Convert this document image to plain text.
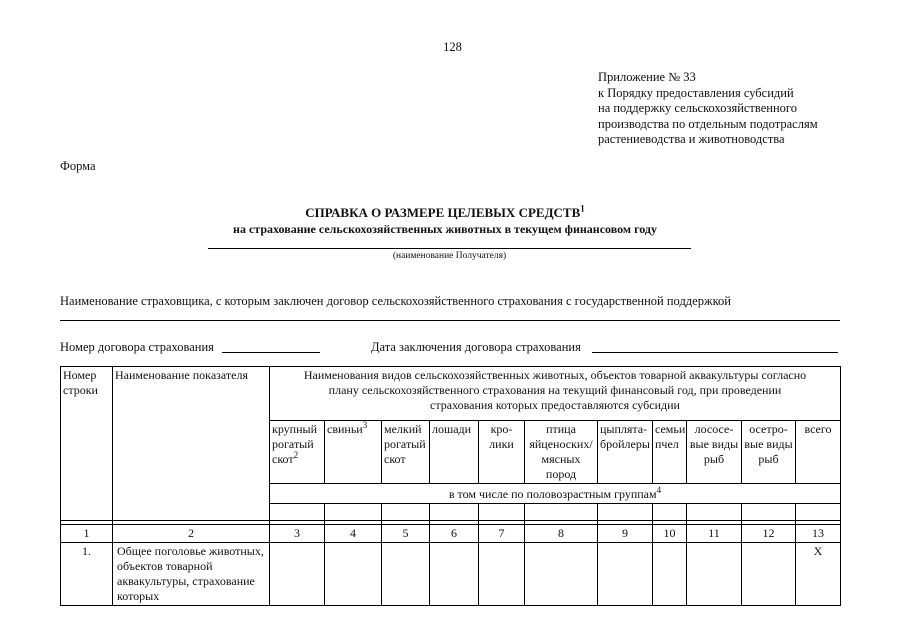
128
Приложение № 33
к Порядку предоставления субсидий
на поддержку сельскохозяйственного
производства по отдельным подотраслям
растениеводства и животноводства
Форма
СПРАВКА О РАЗМЕРЕ ЦЕЛЕВЫХ СРЕДСТВ$^1$
на страхование сельскохозяйственных животных в текущем финансовом году
(наименование Получателя)
Наименование страховщика, с которым заключен договор сельскохозяйственного страхования с государственной поддержкой
Номер договора страхования	Дата заключения договора страхования
Номер строки	Наименование показателя	Наименования видов сельскохозяйственных животных, объектов товарной аквакультуры согласно плану сельскохозяйственного страхования на текущий финансовый год, при проведении страхования которых предоставляются субсидии										
		крупный рогатый скот$^2$	свиньи$^3$	мелкий рогатый скот	лошади	кро- лики	птица яйценоских/ мясных пород	цыплята- бройлеры	семьи пчел	лососе- вые виды рыб	осетро- вые виды рыб	всего
		в том числе по половозрастным группам$^4$

1	2	3	4	5	6	7	8	9	10	11	12	13
1.	Общее поголовье животных, объектов товарной аквакультуры, страхование которых											Х
